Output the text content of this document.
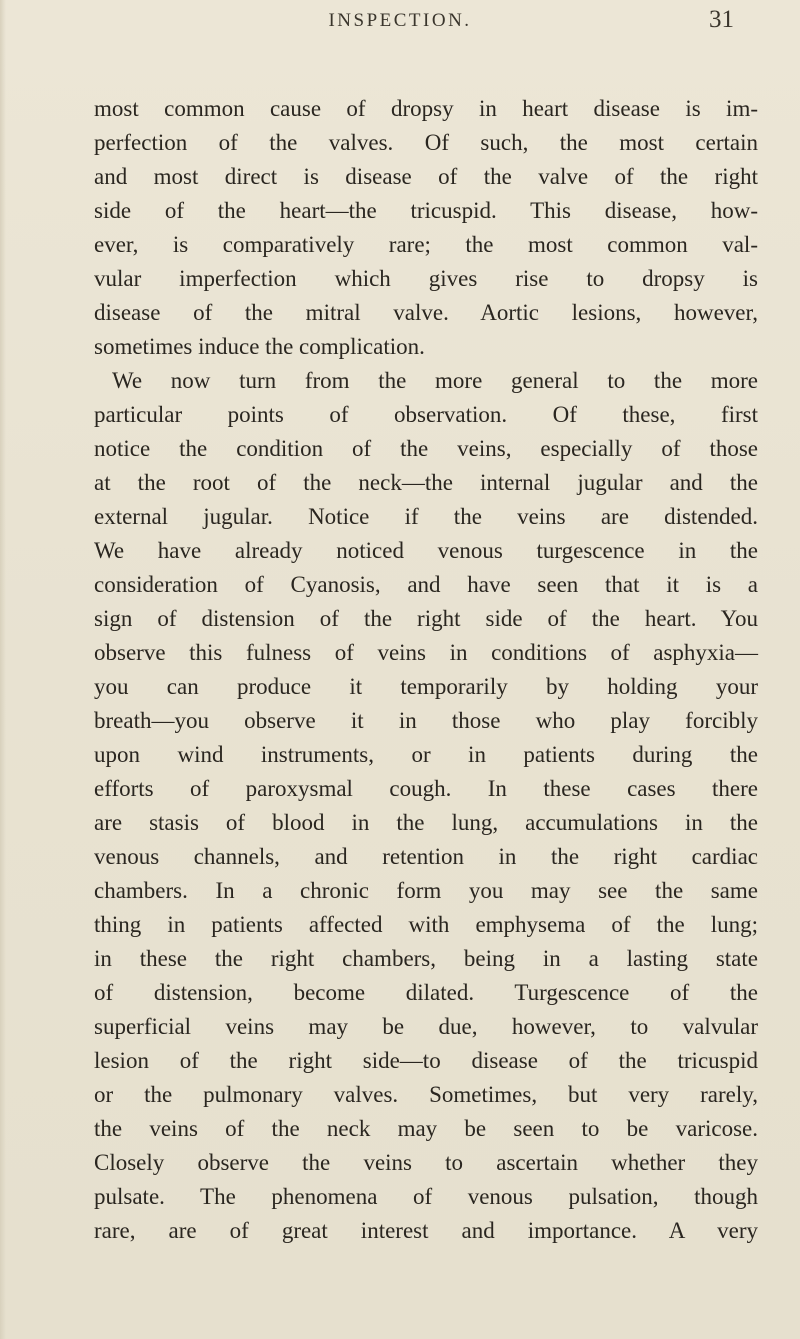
INSPECTION.	31
most common cause of dropsy in heart disease is im-
perfection of the valves. Of such, the most certain
and most direct is disease of the valve of the right
side of the heart—the tricuspid. This disease, how-
ever, is comparatively rare; the most common val-
vular imperfection which gives rise to dropsy is
disease of the mitral valve. Aortic lesions, however,
sometimes induce the complication.
We now turn from the more general to the more
particular points of observation. Of these, first
notice the condition of the veins, especially of those
at the root of the neck—the internal jugular and the
external jugular. Notice if the veins are distended.
We have already noticed venous turgescence in the
consideration of Cyanosis, and have seen that it is a
sign of distension of the right side of the heart. You
observe this fulness of veins in conditions of asphyxia—
you can produce it temporarily by holding your
breath—you observe it in those who play forcibly
upon wind instruments, or in patients during the
efforts of paroxysmal cough. In these cases there
are stasis of blood in the lung, accumulations in the
venous channels, and retention in the right cardiac
chambers. In a chronic form you may see the same
thing in patients affected with emphysema of the lung;
in these the right chambers, being in a lasting state
of distension, become dilated. Turgescence of the
superficial veins may be due, however, to valvular
lesion of the right side—to disease of the tricuspid
or the pulmonary valves. Sometimes, but very rarely,
the veins of the neck may be seen to be varicose.
Closely observe the veins to ascertain whether they
pulsate. The phenomena of venous pulsation, though
rare, are of great interest and importance. A very
